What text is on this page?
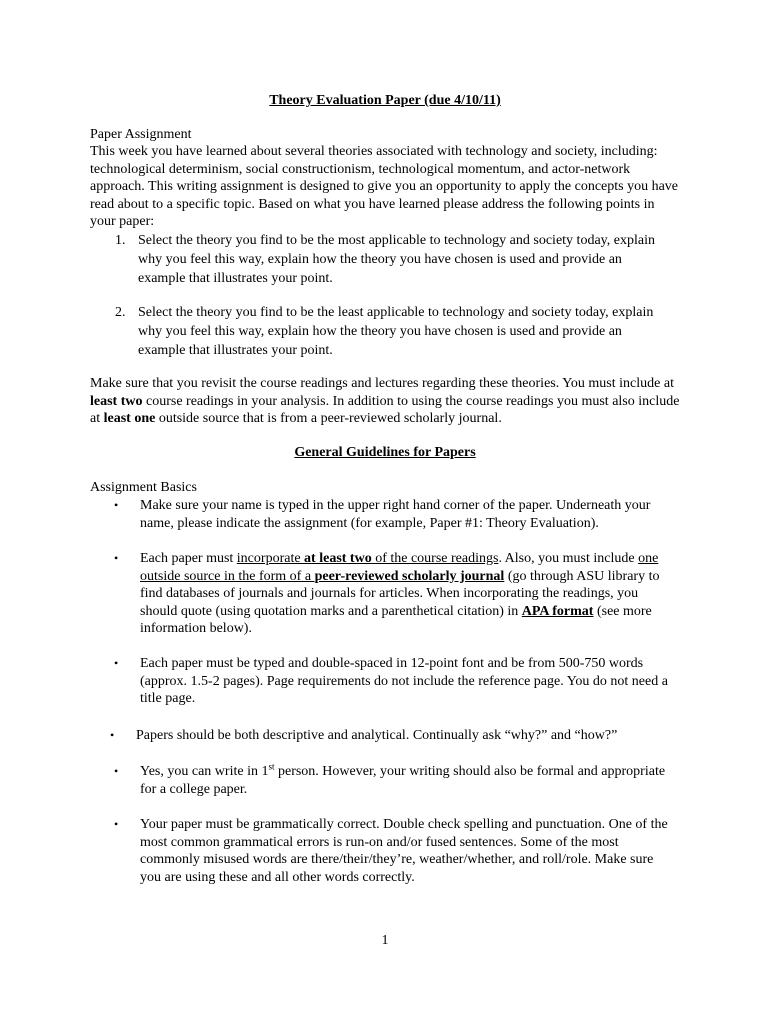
Theory Evaluation Paper (due 4/10/11)
Paper Assignment
This week you have learned about several theories associated with technology and society, including: technological determinism, social constructionism, technological momentum, and actor-network approach. This writing assignment is designed to give you an opportunity to apply the concepts you have read about to a specific topic. Based on what you have learned please address the following points in your paper:
1. Select the theory you find to be the most applicable to technology and society today, explain why you feel this way, explain how the theory you have chosen is used and provide an example that illustrates your point.
2. Select the theory you find to be the least applicable to technology and society today, explain why you feel this way, explain how the theory you have chosen is used and provide an example that illustrates your point.
Make sure that you revisit the course readings and lectures regarding these theories. You must include at least two course readings in your analysis. In addition to using the course readings you must also include at least one outside source that is from a peer-reviewed scholarly journal.
General Guidelines for Papers
Assignment Basics
•	Make sure your name is typed in the upper right hand corner of the paper. Underneath your name, please indicate the assignment (for example, Paper #1: Theory Evaluation).
•	Each paper must incorporate at least two of the course readings. Also, you must include one outside source in the form of a peer-reviewed scholarly journal (go through ASU library to find databases of journals and journals for articles. When incorporating the readings, you should quote (using quotation marks and a parenthetical citation) in APA format (see more information below).
•	Each paper must be typed and double-spaced in 12-point font and be from 500-750 words (approx. 1.5-2 pages). Page requirements do not include the reference page. You do not need a title page.
•	Papers should be both descriptive and analytical. Continually ask “why?” and “how?”
•	Yes, you can write in 1st person. However, your writing should also be formal and appropriate for a college paper.
•	Your paper must be grammatically correct. Double check spelling and punctuation. One of the most common grammatical errors is run-on and/or fused sentences. Some of the most commonly misused words are there/their/they’re, weather/whether, and roll/role. Make sure you are using these and all other words correctly.
1
